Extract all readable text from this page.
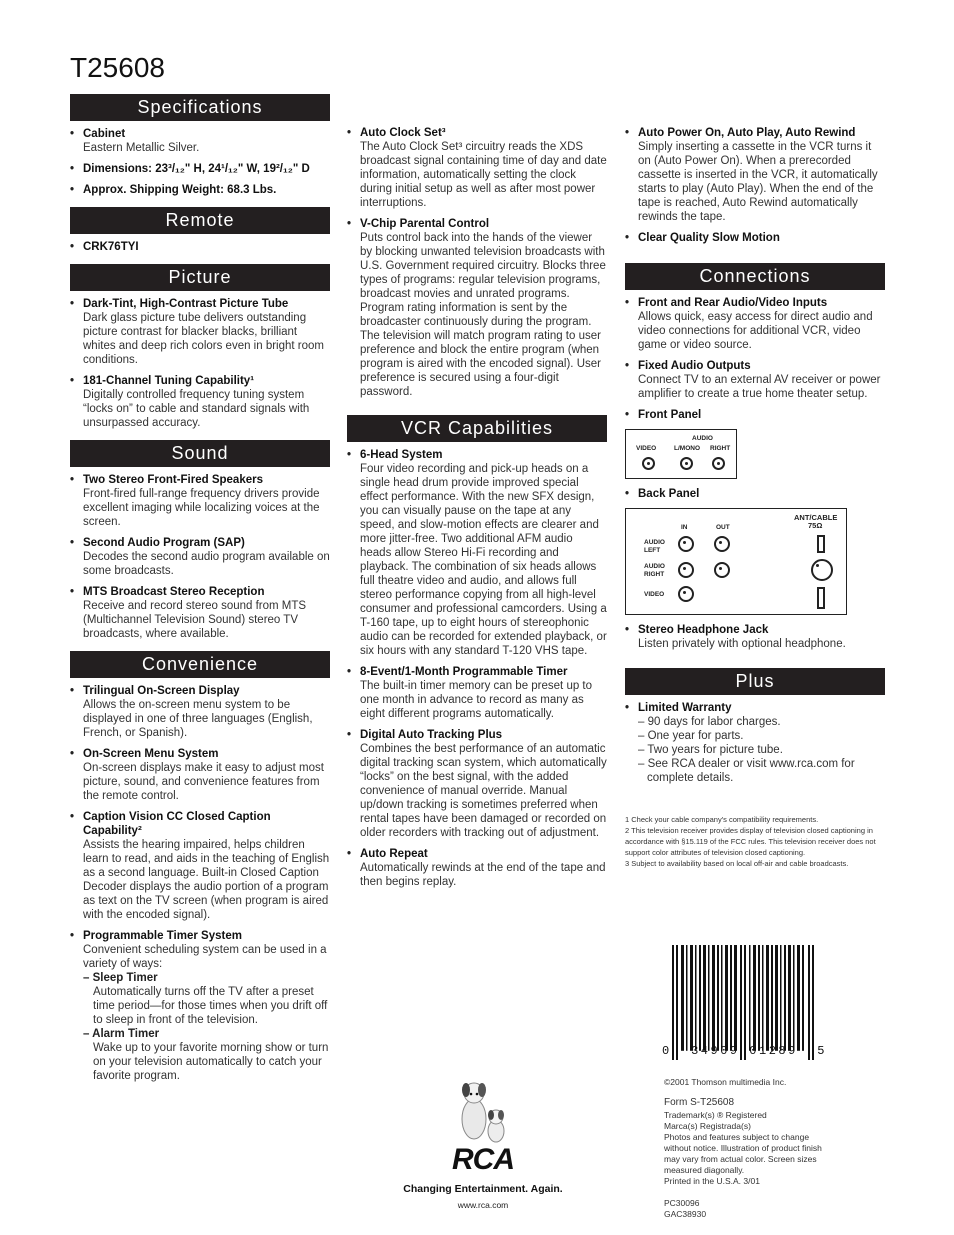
T25608
Specifications
• Cabinet
Eastern Metallic Silver.
• Dimensions: 23³/₁₂" H, 24¹/₁₂" W, 19²/₁₂" D
• Approx. Shipping Weight: 68.3 Lbs.
Remote
• CRK76TYI
Picture
• Dark-Tint, High-Contrast Picture Tube
Dark glass picture tube delivers outstanding picture contrast for blacker blacks, brilliant whites and deep rich colors even in bright room conditions.
• 181-Channel Tuning Capability¹
Digitally controlled frequency tuning system “locks on” to cable and standard signals with unsurpassed accuracy.
Sound
• Two Stereo Front-Fired Speakers
Front-fired full-range frequency drivers provide excellent imaging while localizing voices at the screen.
• Second Audio Program (SAP)
Decodes the second audio program available on some broadcasts.
• MTS Broadcast Stereo Reception
Receive and record stereo sound from MTS (Multichannel Television Sound) stereo TV broadcasts, where available.
Convenience
• Trilingual On-Screen Display
Allows the on-screen menu system to be displayed in one of three languages (English, French, or Spanish).
• On-Screen Menu System
On-screen displays make it easy to adjust most picture, sound, and convenience features from the remote control.
• Caption Vision CC Closed Caption Capability²
Assists the hearing impaired, helps children learn to read, and aids in the teaching of English as a second language. Built-in Closed Caption Decoder displays the audio portion of a program as text on the TV screen (when program is aired with the encoded signal).
• Programmable Timer System
Convenient scheduling system can be used in a variety of ways:
– Sleep Timer
Automatically turns off the TV after a preset time period—for those times when you drift off to sleep in front of the television.
– Alarm Timer
Wake up to your favorite morning show or turn on your television automatically to catch your favorite program.
• Auto Clock Set³
The Auto Clock Set³ circuitry reads the XDS broadcast signal containing time of day and date information, automatically setting the clock during initial setup as well as after most power interruptions.
• V-Chip Parental Control
Puts control back into the hands of the viewer by blocking unwanted television broadcasts with U.S. Government required circuitry. Blocks three types of programs: regular television programs, broadcast movies and unrated programs.
Program rating information is sent by the broadcaster continuously during the program. The television will match program rating to user preference and block the entire program (when program is aired with the encoded signal). User preference is secured using a four-digit password.
VCR Capabilities
• 6-Head System
Four video recording and pick-up heads on a single head drum provide improved special effect performance. With the new SFX design, you can visually pause on the tape at any speed, and slow-motion effects are clearer and more jitter-free. Two additional AFM audio heads allow Stereo Hi-Fi recording and playback. The combination of six heads allows full theatre video and audio, and allows full stereo performance copying from all high-level consumer and professional camcorders. Using a T-160 tape, up to eight hours of stereophonic audio can be recorded for extended playback, or six hours with any standard T-120 VHS tape.
• 8-Event/1-Month Programmable Timer
The built-in timer memory can be preset up to one month in advance to record as many as eight different programs automatically.
• Digital Auto Tracking Plus
Combines the best performance of an automatic digital tracking scan system, which automatically “locks” on the best signal, with the added convenience of manual override. Manual up/down tracking is sometimes preferred when rental tapes have been damaged or recorded on older recorders with tracking out of adjustment.
• Auto Repeat
Automatically rewinds at the end of the tape and then begins replay.
• Auto Power On, Auto Play, Auto Rewind
Simply inserting a cassette in the VCR turns it on (Auto Power On). When a prerecorded cassette is inserted in the VCR, it automatically starts to play (Auto Play). When the end of the tape is reached, Auto Rewind automatically rewinds the tape.
• Clear Quality Slow Motion
Connections
• Front and Rear Audio/Video Inputs
Allows quick, easy access for direct audio and video connections for additional VCR, video game or video source.
• Fixed Audio Outputs
Connect TV to an external AV receiver or power amplifier to create a true home theater setup.
• Front Panel
VIDEO
AUDIO
L/MONO RIGHT
• Back Panel
IN	OUT
AUDIO LEFT
AUDIO RIGHT
VIDEO
ANT/CABLE
75Ω
• Stereo Headphone Jack
Listen privately with optional headphone.
Plus
• Limited Warranty
– 90 days for labor charges.
– One year for parts.
– Two years for picture tube.
– See RCA dealer or visit www.rca.com for
complete details.
1 Check your cable company's compatibility requirements.
2 This television receiver provides display of television closed captioning in
accordance with §15.119 of the FCC rules. This television receiver does not
support color attributes of television closed captioning.
3 Subject to availability based on local off-air and cable broadcasts.
0  34909 01289  5
©2001 Thomson multimedia Inc.
Form S-T25608
Trademark(s) ® Registered
Marca(s) Registrada(s)
Photos and features subject to change
without notice. Illustration of product finish
may vary from actual color. Screen sizes
measured diagonally.
Printed in the U.S.A. 3/01
PC30096
GAC38930
RCA
Changing Entertainment. Again.
www.rca.com
